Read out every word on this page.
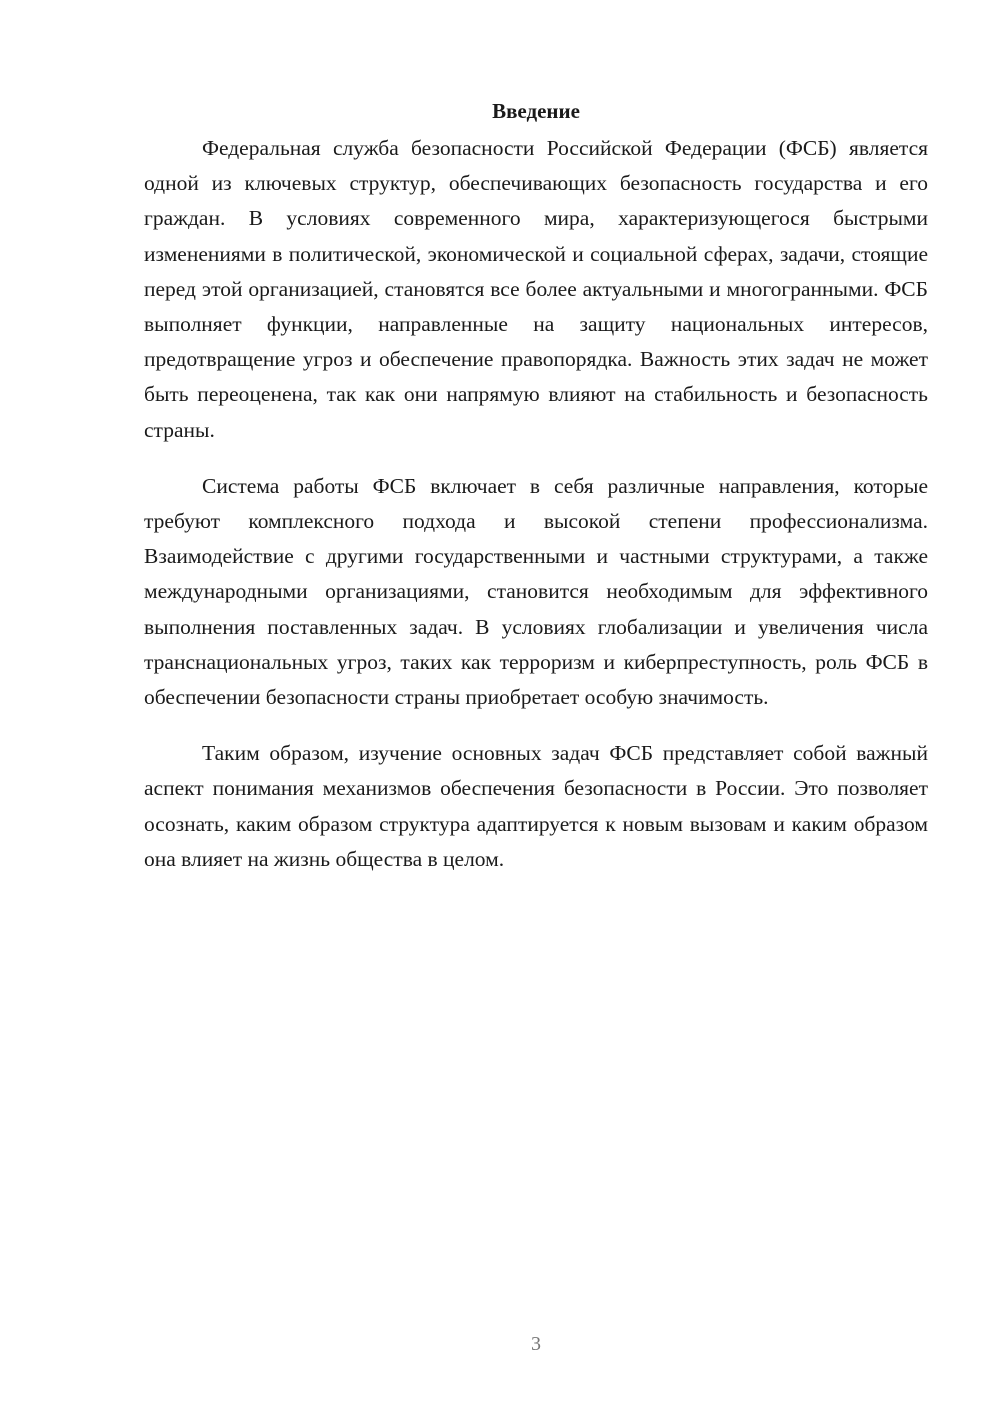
Введение

Федеральная служба безопасности Российской Федерации (ФСБ) является одной из ключевых структур, обеспечивающих безопасность государства и его граждан. В условиях современного мира, характеризующегося быстрыми изменениями в политической, экономической и социальной сферах, задачи, стоящие перед этой организацией, становятся все более актуальными и многогранными. ФСБ выполняет функции, направленные на защиту национальных интересов, предотвращение угроз и обеспечение правопорядка. Важность этих задач не может быть переоценена, так как они напрямую влияют на стабильность и безопасность страны.

Система работы ФСБ включает в себя различные направления, которые требуют комплексного подхода и высокой степени профессионализма. Взаимодействие с другими государственными и частными структурами, а также международными организациями, становится необходимым для эффективного выполнения поставленных задач. В условиях глобализации и увеличения числа транснациональных угроз, таких как терроризм и киберпреступность, роль ФСБ в обеспечении безопасности страны приобретает особую значимость.

Таким образом, изучение основных задач ФСБ представляет собой важный аспект понимания механизмов обеспечения безопасности в России. Это позволяет осознать, каким образом структура адаптируется к новым вызовам и каким образом она влияет на жизнь общества в целом.

3
